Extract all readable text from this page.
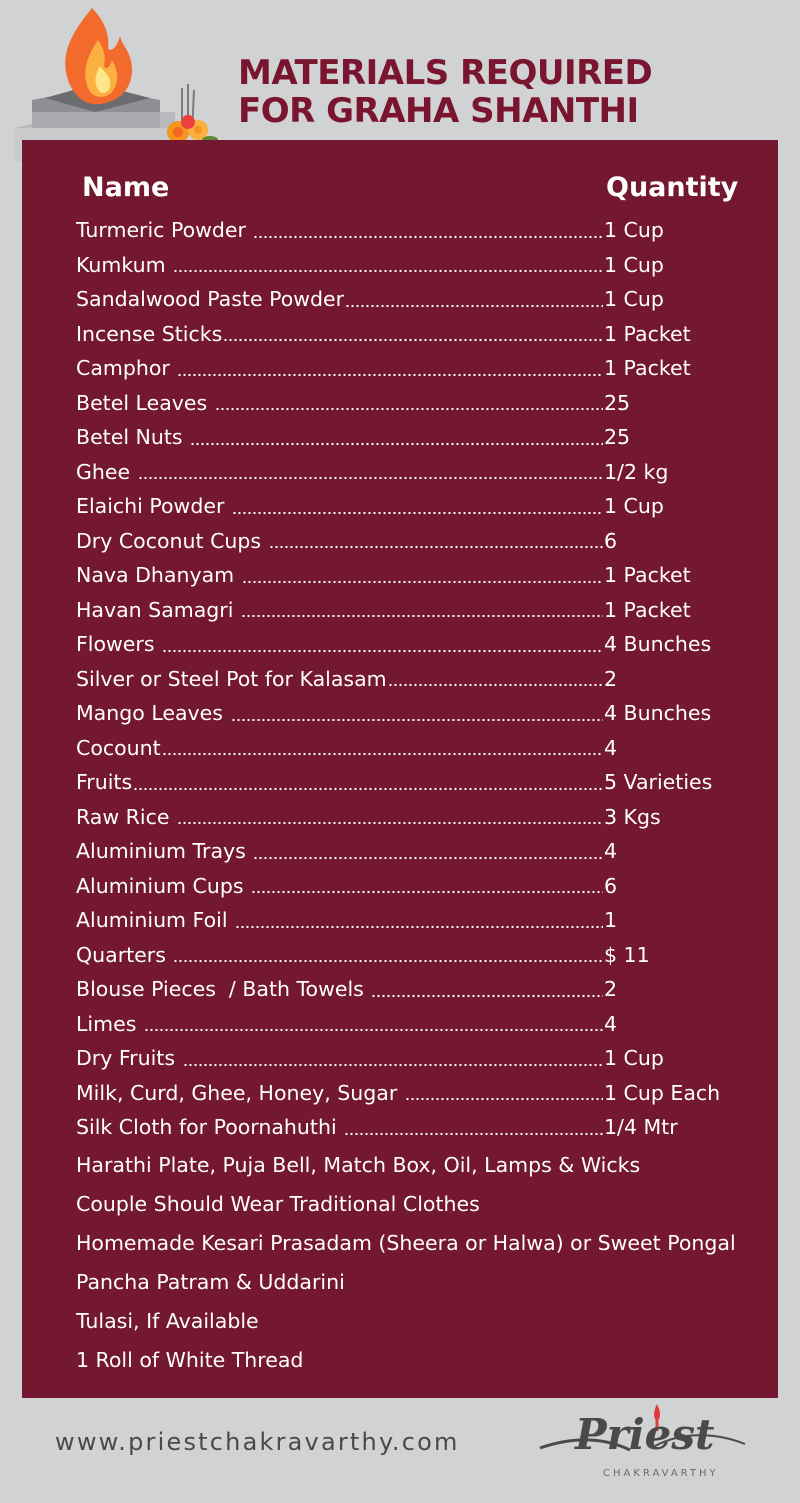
MATERIALS REQUIRED
FOR GRAHA SHANTHI
Name	Quantity
Turmeric Powder	1 Cup
Kumkum	1 Cup
Sandalwood Paste Powder	1 Cup
Incense Sticks	1 Packet
Camphor	1 Packet
Betel Leaves	25
Betel Nuts	25
Ghee	1/2 kg
Elaichi Powder	1 Cup
Dry Coconut Cups	6
Nava Dhanyam	1 Packet
Havan Samagri	1 Packet
Flowers	4 Bunches
Silver or Steel Pot for Kalasam	2
Mango Leaves	4 Bunches
Cocount	4
Fruits	5 Varieties
Raw Rice	3 Kgs
Aluminium Trays	4
Aluminium Cups	6
Aluminium Foil	1
Quarters	$ 11
Blouse Pieces  / Bath Towels	2
Limes	4
Dry Fruits	1 Cup
Milk, Curd, Ghee, Honey, Sugar	1 Cup Each
Silk Cloth for Poornahuthi	1/4 Mtr
Harathi Plate, Puja Bell, Match Box, Oil, Lamps & Wicks
Couple Should Wear Traditional Clothes
Homemade Kesari Prasadam (Sheera or Halwa) or Sweet Pongal
Pancha Patram & Uddarini
Tulasi, If Available
1 Roll of White Thread
www.priestchakravarthy.com	Priest
CHAKRAVARTHY
